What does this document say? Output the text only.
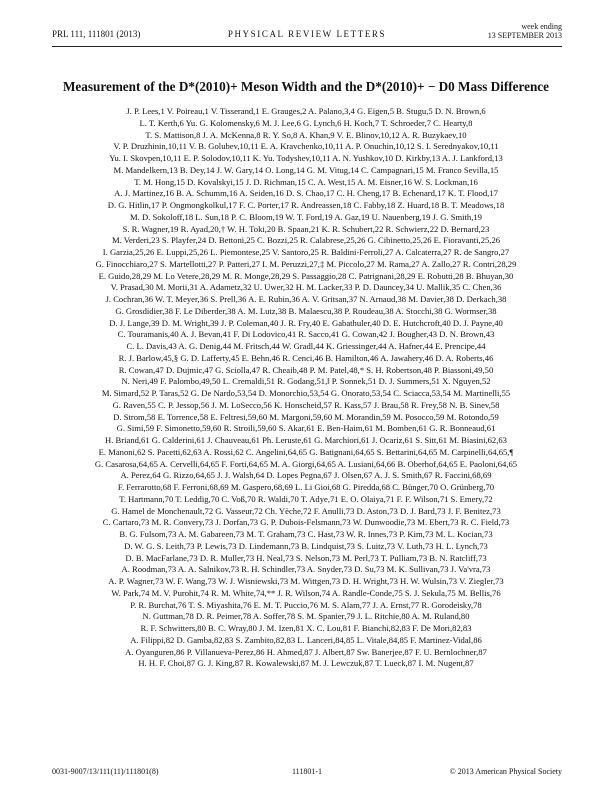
PRL 111, 111801 (2013)	PHYSICAL REVIEW LETTERS
week ending
13 SEPTEMBER 2013
Measurement of the D*(2010)+ Meson Width and the D*(2010)+ − D0 Mass Difference
J. P. Lees,1 V. Poireau,1 V. Tisserand,1 E. Grauges,2 A. Palano,3,4 G. Eigen,5 B. Stugu,5 D. N. Brown,6
L. T. Kerth,6 Yu. G. Kolomensky,6 M. J. Lee,6 G. Lynch,6 H. Koch,7 T. Schroeder,7 C. Hearty,8
T. S. Mattison,8 J. A. McKenna,8 R. Y. So,8 A. Khan,9 V. E. Blinov,10,12 A. R. Buzykaev,10
V. P. Druzhinin,10,11 V. B. Golubev,10,11 E. A. Kravchenko,10,11 A. P. Onuchin,10,12 S. I. Serednyakov,10,11
Yu. I. Skovpen,10,11 E. P. Solodov,10,11 K. Yu. Todyshev,10,11 A. N. Yushkov,10 D. Kirkby,13 A. J. Lankford,13
M. Mandelkern,13 B. Dey,14 J. W. Gary,14 O. Long,14 G. M. Vitug,14 C. Campagnari,15 M. Franco Sevilla,15
T. M. Hong,15 D. Kovalskyi,15 J. D. Richman,15 C. A. West,15 A. M. Eisner,16 W. S. Lockman,16
A. J. Martinez,16 B. A. Schumm,16 A. Seiden,16 D. S. Chao,17 C. H. Cheng,17 B. Echenard,17 K. T. Flood,17
D. G. Hitlin,17 P. Ongmongkolkul,17 F. C. Porter,17 R. Andreassen,18 C. Fabby,18 Z. Huard,18 B. T. Meadows,18
M. D. Sokoloff,18 L. Sun,18 P. C. Bloom,19 W. T. Ford,19 A. Gaz,19 U. Nauenberg,19 J. G. Smith,19
S. R. Wagner,19 R. Ayad,20,† W. H. Toki,20 B. Spaan,21 K. R. Schubert,22 R. Schwierz,22 D. Bernard,23
M. Verderi,23 S. Playfer,24 D. Bettoni,25 C. Bozzi,25 R. Calabrese,25,26 G. Cibinetto,25,26 E. Fioravanti,25,26
I. Garzia,25,26 E. Luppi,25,26 L. Piemontese,25 V. Santoro,25 R. Baldini-Ferroli,27 A. Calcaterra,27 R. de Sangro,27
G. Finocchiaro,27 S. Martellotti,27 P. Patteri,27 I. M. Peruzzi,27,‡ M. Piccolo,27 M. Rama,27 A. Zallo,27 R. Contri,28,29
E. Guido,28,29 M. Lo Vetere,28,29 M. R. Monge,28,29 S. Passaggio,28 C. Patrignani,28,29 E. Robutti,28 B. Bhuyan,30
V. Prasad,30 M. Morii,31 A. Adametz,32 U. Uwer,32 H. M. Lacker,33 P. D. Dauncey,34 U. Mallik,35 C. Chen,36
J. Cochran,36 W. T. Meyer,36 S. Prell,36 A. E. Rubin,36 A. V. Gritsan,37 N. Arnaud,38 M. Davier,38 D. Derkach,38
G. Grosdidier,38 F. Le Diberder,38 A. M. Lutz,38 B. Malaescu,38 P. Roudeau,38 A. Stocchi,38 G. Wormser,38
D. J. Lange,39 D. M. Wright,39 J. P. Coleman,40 J. R. Fry,40 E. Gabathuler,40 D. E. Hutchcroft,40 D. J. Payne,40
C. Touramanis,40 A. J. Bevan,41 F. Di Lodovico,41 R. Sacco,41 G. Cowan,42 J. Bougher,43 D. N. Brown,43
C. L. Davis,43 A. G. Denig,44 M. Fritsch,44 W. Gradl,44 K. Griessinger,44 A. Hafner,44 E. Prencipe,44
R. J. Barlow,45,§ G. D. Lafferty,45 E. Behn,46 R. Cenci,46 B. Hamilton,46 A. Jawahery,46 D. A. Roberts,46
R. Cowan,47 D. Dujmic,47 G. Sciolla,47 R. Cheaib,48 P. M. Patel,48,* S. H. Robertson,48 P. Biassoni,49,50
N. Neri,49 F. Palombo,49,50 L. Cremaldi,51 R. Godang,51,‖ P. Sonnek,51 D. J. Summers,51 X. Nguyen,52
M. Simard,52 P. Taras,52 G. De Nardo,53,54 D. Monorchio,53,54 G. Onorato,53,54 C. Sciacca,53,54 M. Martinelli,55
G. Raven,55 C. P. Jessop,56 J. M. LoSecco,56 K. Honscheid,57 R. Kass,57 J. Brau,58 R. Frey,58 N. B. Sinev,58
D. Strom,58 E. Torrence,58 E. Feltresi,59,60 M. Margoni,59,60 M. Morandin,59 M. Posocco,59 M. Rotondo,59
G. Simi,59 F. Simonetto,59,60 R. Stroili,59,60 S. Akar,61 E. Ben-Haim,61 M. Bomben,61 G. R. Bonneaud,61
H. Briand,61 G. Calderini,61 J. Chauveau,61 Ph. Leruste,61 G. Marchiori,61 J. Ocariz,61 S. Sitt,61 M. Biasini,62,63
E. Manoni,62 S. Pacetti,62,63 A. Rossi,62 C. Angelini,64,65 G. Batignani,64,65 S. Bettarini,64,65 M. Carpinelli,64,65,¶
G. Casarosa,64,65 A. Cervelli,64,65 F. Forti,64,65 M. A. Giorgi,64,65 A. Lusiani,64,66 B. Oberhof,64,65 E. Paoloni,64,65
A. Perez,64 G. Rizzo,64,65 J. J. Walsh,64 D. Lopes Pegna,67 J. Olsen,67 A. J. S. Smith,67 R. Faccini,68,69
F. Ferrarotto,68 F. Ferroni,68,69 M. Gaspero,68,69 L. Li Gioi,68 G. Piredda,68 C. Bünger,70 O. Grünberg,70
T. Hartmann,70 T. Leddig,70 C. Voß,70 R. Waldi,70 T. Adye,71 E. O. Olaiya,71 F. F. Wilson,71 S. Emery,72
G. Hamel de Monchenault,72 G. Vasseur,72 Ch. Yèche,72 F. Anulli,73 D. Aston,73 D. J. Bard,73 J. F. Benitez,73
C. Cartaro,73 M. R. Convery,73 J. Dorfan,73 G. P. Dubois-Felsmann,73 W. Dunwoodie,73 M. Ebert,73 R. C. Field,73
B. G. Fulsom,73 A. M. Gabareen,73 M. T. Graham,73 C. Hast,73 W. R. Innes,73 P. Kim,73 M. L. Kocian,73
D. W. G. S. Leith,73 P. Lewis,73 D. Lindemann,73 B. Lindquist,73 S. Luitz,73 V. Luth,73 H. L. Lynch,73
D. B. MacFarlane,73 D. R. Muller,73 H. Neal,73 S. Nelson,73 M. Perl,73 T. Pulliam,73 B. N. Ratcliff,73
A. Roodman,73 A. A. Salnikov,73 R. H. Schindler,73 A. Snyder,73 D. Su,73 M. K. Sullivan,73 J. Va'vra,73
A. P. Wagner,73 W. F. Wang,73 W. J. Wisniewski,73 M. Wittgen,73 D. H. Wright,73 H. W. Wulsin,73 V. Ziegler,73
W. Park,74 M. V. Purohit,74 R. M. White,74,** J. R. Wilson,74 A. Randle-Conde,75 S. J. Sekula,75 M. Bellis,76
P. R. Burchat,76 T. S. Miyashita,76 E. M. T. Puccio,76 M. S. Alam,77 J. A. Ernst,77 R. Gorodeisky,78
N. Guttman,78 D. R. Peimer,78 A. Soffer,78 S. M. Spanier,79 J. L. Ritchie,80 A. M. Ruland,80
R. F. Schwitters,80 B. C. Wray,80 J. M. Izen,81 X. C. Lou,81 F. Bianchi,82,83 F. De Mori,82,83
A. Filippi,82 D. Gamba,82,83 S. Zambito,82,83 L. Lanceri,84,85 L. Vitale,84,85 F. Martinez-Vidal,86
A. Oyanguren,86 P. Villanueva-Perez,86 H. Ahmed,87 J. Albert,87 Sw. Banerjee,87 F. U. Bernlochner,87
H. H. F. Choi,87 G. J. King,87 R. Kowalewski,87 M. J. Lewczuk,87 T. Lueck,87 I. M. Nugent,87
0031-9007/13/111(11)/111801(8)	111801-1	© 2013 American Physical Society
